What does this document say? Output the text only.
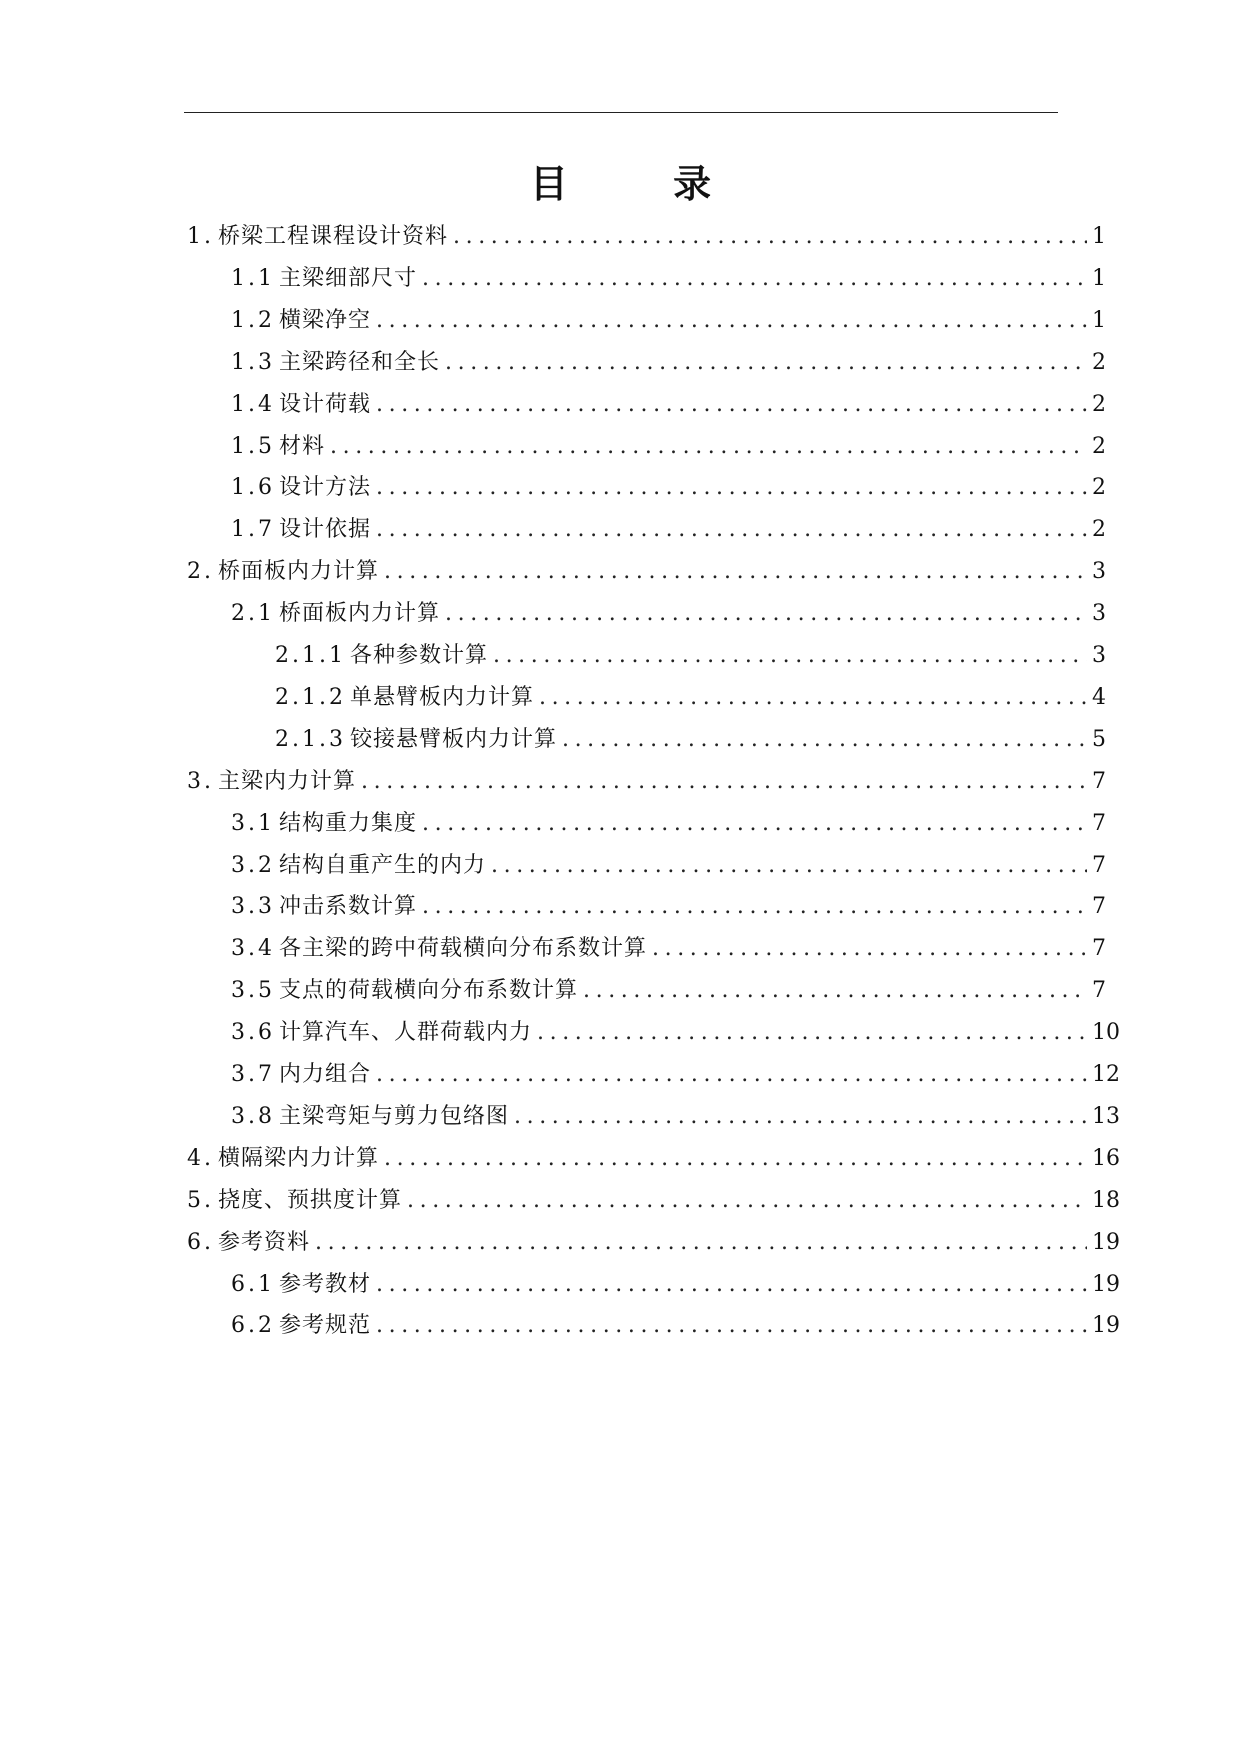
目 录
1. 桥梁工程课程设计资料 .....	1
1.1 主梁细部尺寸 .....	1
1.2 横梁净空 .....	1
1.3 主梁跨径和全长 .....	2
1.4 设计荷载 .....	2
1.5 材料 .....	2
1.6 设计方法 .....	2
1.7 设计依据 .....	2
2. 桥面板内力计算 .....	3
2.1 桥面板内力计算 .....	3
2.1.1 各种参数计算 .....	3
2.1.2 单悬臂板内力计算 .....	4
2.1.3 铰接悬臂板内力计算 .....	5
3. 主梁内力计算 .....	7
3.1 结构重力集度 .....	7
3.2 结构自重产生的内力 .....	7
3.3 冲击系数计算 .....	7
3.4 各主梁的跨中荷载横向分布系数计算 .....	7
3.5 支点的荷载横向分布系数计算 .....	7
3.6 计算汽车、人群荷载内力 .....	10
3.7 内力组合 .....	12
3.8 主梁弯矩与剪力包络图 .....	13
4. 横隔梁内力计算 .....	16
5. 挠度、预拱度计算 .....	18
6. 参考资料 .....	19
6.1 参考教材 .....	19
6.2 参考规范 .....	19
